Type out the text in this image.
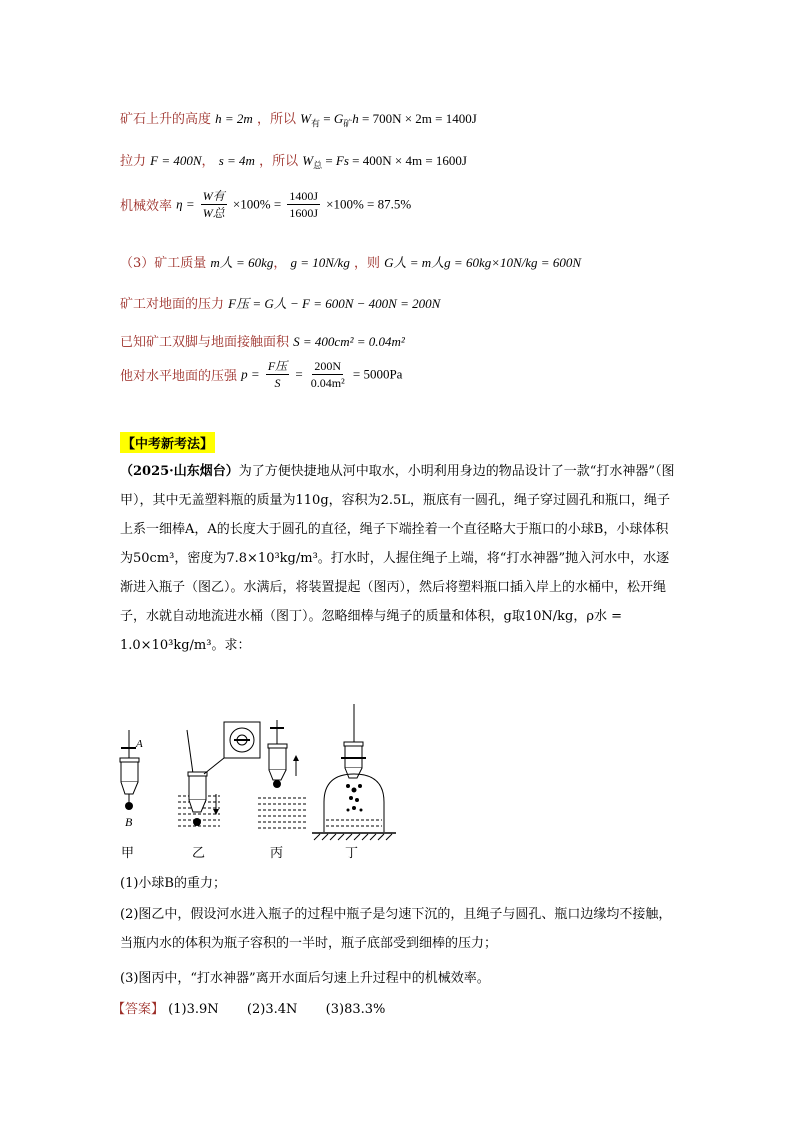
矿石上升的高度 h = 2m ，所以 $W_有 = G_矿h = 700N \times 2m = 1400J$
拉力 F = 400N， s = 4m ，所以 $W_总 = Fs = 400N \times 4m = 1600J$
机械效率 $\eta = \frac{\text{W有}}{\text{W总}} \times 100\% = \frac{1400J}{1600J} \times 100\% = 87.5\%$
（3）矿工质量 m人 = 60kg， g = 10N/kg ，则 G人 = m人g = 60kg×10N/kg = 600N
矿工对地面的压力 F压 = G人 − F = 600N − 400N = 200N
已知矿工双脚与地面接触面积 S = 400cm² = 0.04m²
他对水平地面的压强 $p = \frac{\text{F压}}{S} = \frac{200N}{\text{0.04m²}} = 5000Pa$
【中考新考法】
（2025·山东烟台）为了方便快捷地从河中取水，小明利用身边的物品设计了一款“打水神器”（图甲），其中无盖塑料瓶的质量为110g，容积为2.5L，瓶底有一圆孔，绳子穿过圆孔和瓶口，绳子上系一细棒A，A的长度大于圆孔的直径，绳子下端拴着一个直径略大于瓶口的小球B，小球体积为50cm³，密度为7.8×10³kg/m³。打水时，人握住绳子上端，将“打水神器”抛入河水中，水逐渐进入瓶子（图乙）。水满后，将装置提起（图丙），然后将塑料瓶口插入岸上的水桶中，松开绳子，水就自动地流进水桶（图丁）。忽略细棒与绳子的质量和体积，g取10N/kg，ρ水 = 1.0×10³kg/m³。求：
A
B
甲	乙	丙	丁
(1)小球B的重力；
(2)图乙中，假设河水进入瓶子的过程中瓶子是匀速下沉的，且绳子与圆孔、瓶口边缘均不接触，当瓶内水的体积为瓶子容积的一半时，瓶子底部受到细棒的压力；
(3)图丙中，“打水神器”离开水面后匀速上升过程中的机械效率。
【答案】 (1)3.9N (2)3.4N (3)83.3%
